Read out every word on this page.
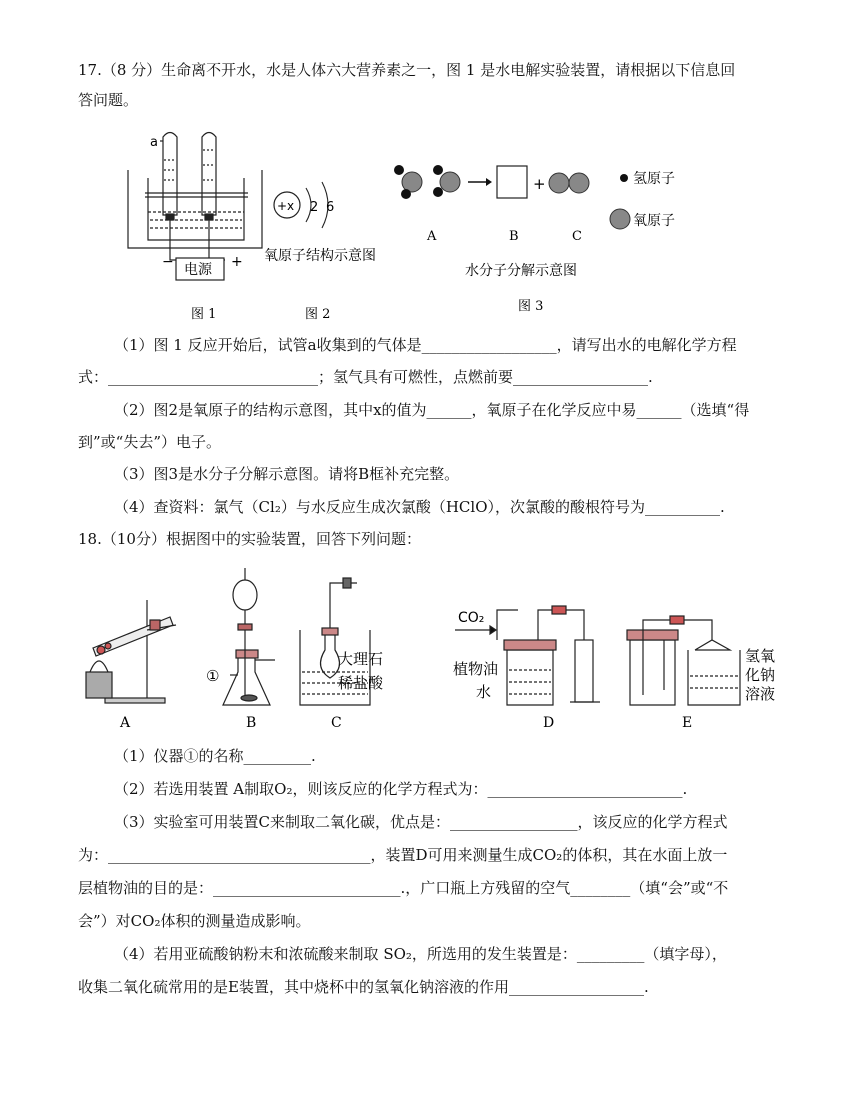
17.（8 分）生命离不开水，水是人体六大营养素之一，图 1 是水电解实验装置，请根据以下信息回
答问题。
a
电源
−	+
+x 2 6
氧原子结构示意图
+	氢原子
氧原子
A	B	C
水分子分解示意图
图 1	图 2
图 3
（1）图 1 反应开始后，试管a收集到的气体是__________________，请写出水的电解化学方程
式：____________________________；氢气具有可燃性，点燃前要__________________.
（2）图2是氧原子的结构示意图，其中x的值为______，氧原子在化学反应中易______（选填“得
到”或“失去”）电子。
（3）图3是水分子分解示意图。请将B框补充完整。
（4）查资料：氯气（Cl₂）与水反应生成次氯酸（HClO），次氯酸的酸根符号为__________.
18.（10分）根据图中的实验装置，回答下列问题：
A
①
B
大理石
稀盐酸
C
CO₂
植物油
水
D
氢氧
化钠
溶液
E
（1）仪器①的名称_________.
（2）若选用装置 A制取O₂，则该反应的化学方程式为：__________________________.
（3）实验室可用装置C来制取二氧化碳，优点是：_________________，该反应的化学方程式
为：___________________________________，装置D可用来测量生成CO₂的体积，其在水面上放一
层植物油的目的是：_________________________.，广口瓶上方残留的空气________（填“会”或“不
会”）对CO₂体积的测量造成影响。
（4）若用亚硫酸钠粉末和浓硫酸来制取 SO₂，所选用的发生装置是：_________（填字母），
收集二氧化硫常用的是E装置，其中烧杯中的氢氧化钠溶液的作用__________________.
